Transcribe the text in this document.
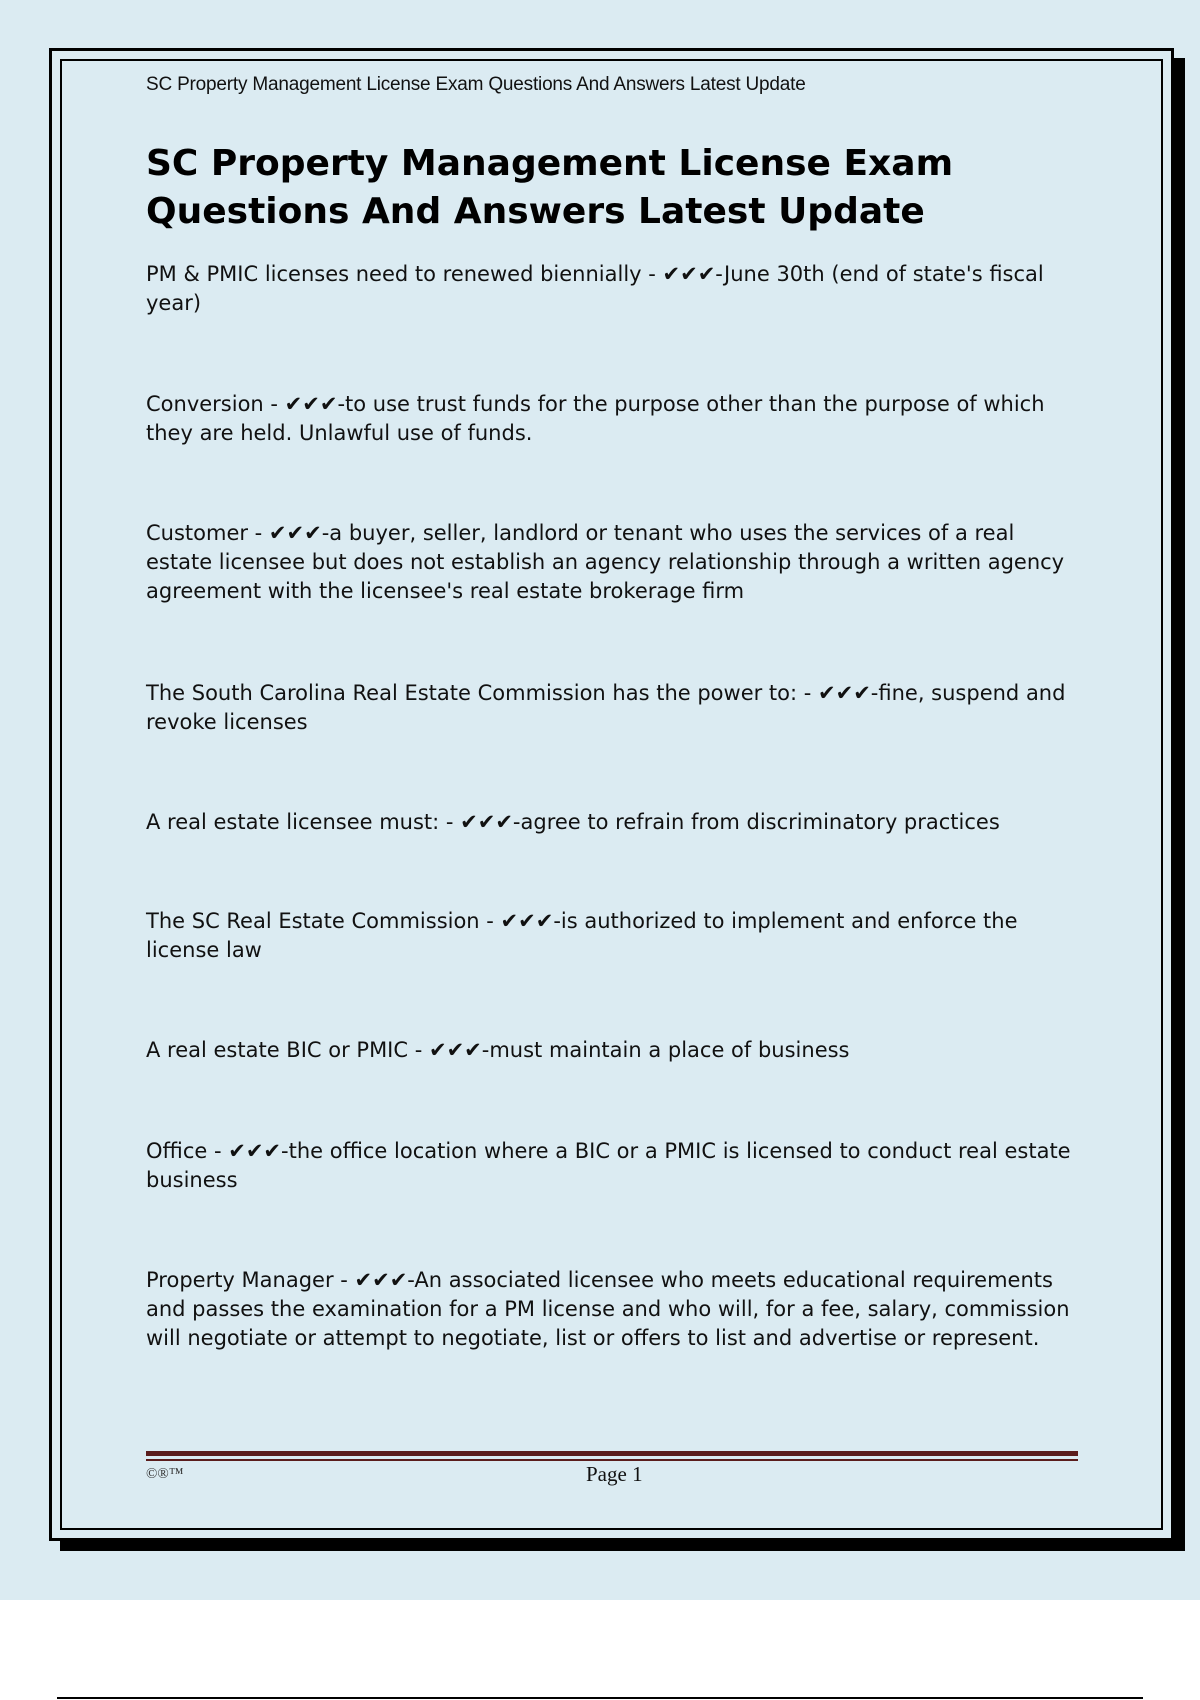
SC Property Management License Exam Questions And Answers Latest Update
SC Property Management License Exam Questions And Answers Latest Update

PM & PMIC licenses need to renewed biennially - ✔✔✔-June 30th (end of state's fiscal year)

Conversion - ✔✔✔-to use trust funds for the purpose other than the purpose of which they are held. Unlawful use of funds.

Customer - ✔✔✔-a buyer, seller, landlord or tenant who uses the services of a real estate licensee but does not establish an agency relationship through a written agency agreement with the licensee's real estate brokerage firm

The South Carolina Real Estate Commission has the power to: - ✔✔✔-fine, suspend and revoke licenses

A real estate licensee must: - ✔✔✔-agree to refrain from discriminatory practices

The SC Real Estate Commission - ✔✔✔-is authorized to implement and enforce the license law

A real estate BIC or PMIC - ✔✔✔-must maintain a place of business

Office - ✔✔✔-the office location where a BIC or a PMIC is licensed to conduct real estate business

Property Manager - ✔✔✔-An associated licensee who meets educational requirements and passes the examination for a PM license and who will, for a fee, salary, commission will negotiate or attempt to negotiate, list or offers to list and advertise or represent.

©®™	Page 1
